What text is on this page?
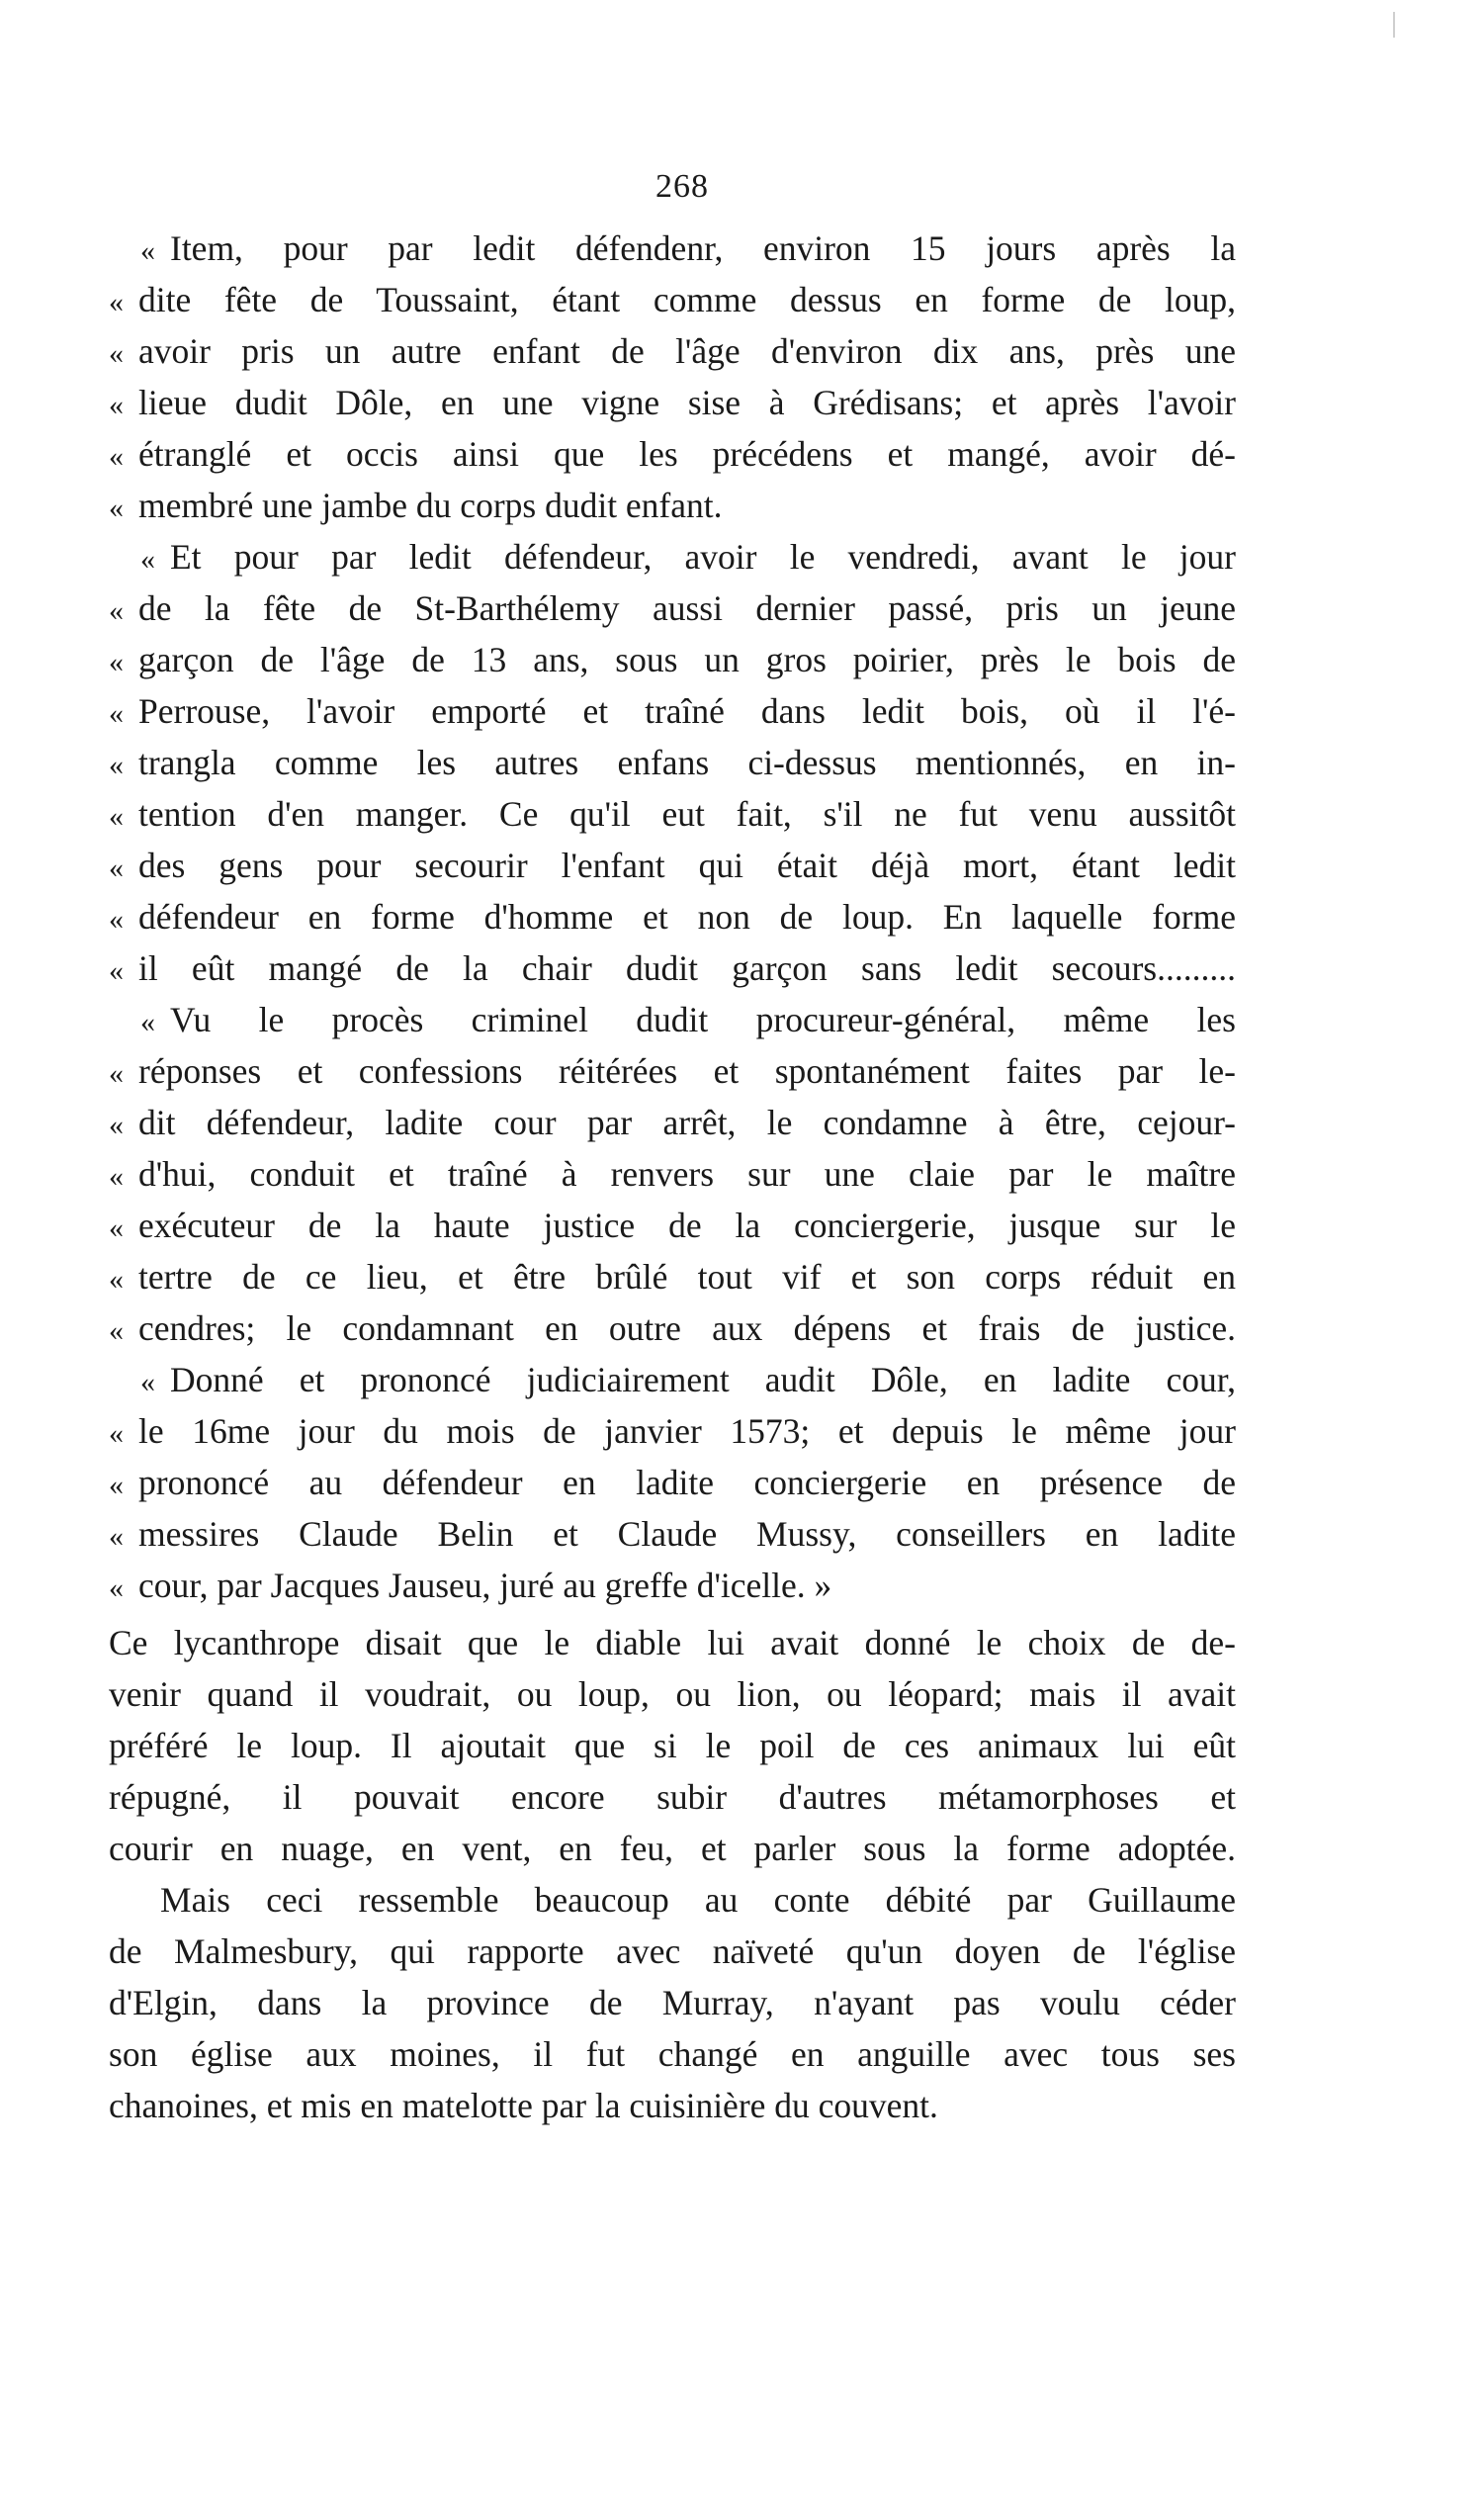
268
« Item, pour par ledit défendenr, environ 15 jours après la
« dite fête de Toussaint, étant comme dessus en forme de loup,
« avoir pris un autre enfant de l'âge d'environ dix ans, près une
« lieue dudit Dôle, en une vigne sise à Grédisans; et après l'avoir
« étranglé et occis ainsi que les précédens et mangé, avoir dé-
« membré une jambe du corps dudit enfant.
« Et pour par ledit défendeur, avoir le vendredi, avant le jour
« de la fête de St-Barthélemy aussi dernier passé, pris un jeune
« garçon de l'âge de 13 ans, sous un gros poirier, près le bois de
« Perrouse, l'avoir emporté et traîné dans ledit bois, où il l'é-
« trangla comme les autres enfans ci-dessus mentionnés, en in-
« tention d'en manger. Ce qu'il eut fait, s'il ne fut venu aussitôt
« des gens pour secourir l'enfant qui était déjà mort, étant ledit
« défendeur en forme d'homme et non de loup. En laquelle forme
« il eût mangé de la chair dudit garçon sans ledit secours.........
« Vu le procès criminel dudit procureur-général, même les
« réponses et confessions réitérées et spontanément faites par le-
« dit défendeur, ladite cour par arrêt, le condamne à être, cejour-
« d'hui, conduit et traîné à renvers sur une claie par le maître
« exécuteur de la haute justice de la conciergerie, jusque sur le
« tertre de ce lieu, et être brûlé tout vif et son corps réduit en
« cendres; le condamnant en outre aux dépens et frais de justice.
« Donné et prononcé judiciairement audit Dôle, en ladite cour,
« le 16me jour du mois de janvier 1573; et depuis le même jour
« prononcé au défendeur en ladite conciergerie en présence de
« messires Claude Belin et Claude Mussy, conseillers en ladite
« cour, par Jacques Jauseu, juré au greffe d'icelle. »
Ce lycanthrope disait que le diable lui avait donné le choix de de-
venir quand il voudrait, ou loup, ou lion, ou léopard; mais il avait
préféré le loup. Il ajoutait que si le poil de ces animaux lui eût
répugné, il pouvait encore subir d'autres métamorphoses et
courir en nuage, en vent, en feu, et parler sous la forme adoptée.
Mais ceci ressemble beaucoup au conte débité par Guillaume
de Malmesbury, qui rapporte avec naïveté qu'un doyen de l'église
d'Elgin, dans la province de Murray, n'ayant pas voulu céder
son église aux moines, il fut changé en anguille avec tous ses
chanoines, et mis en matelotte par la cuisinière du couvent.
